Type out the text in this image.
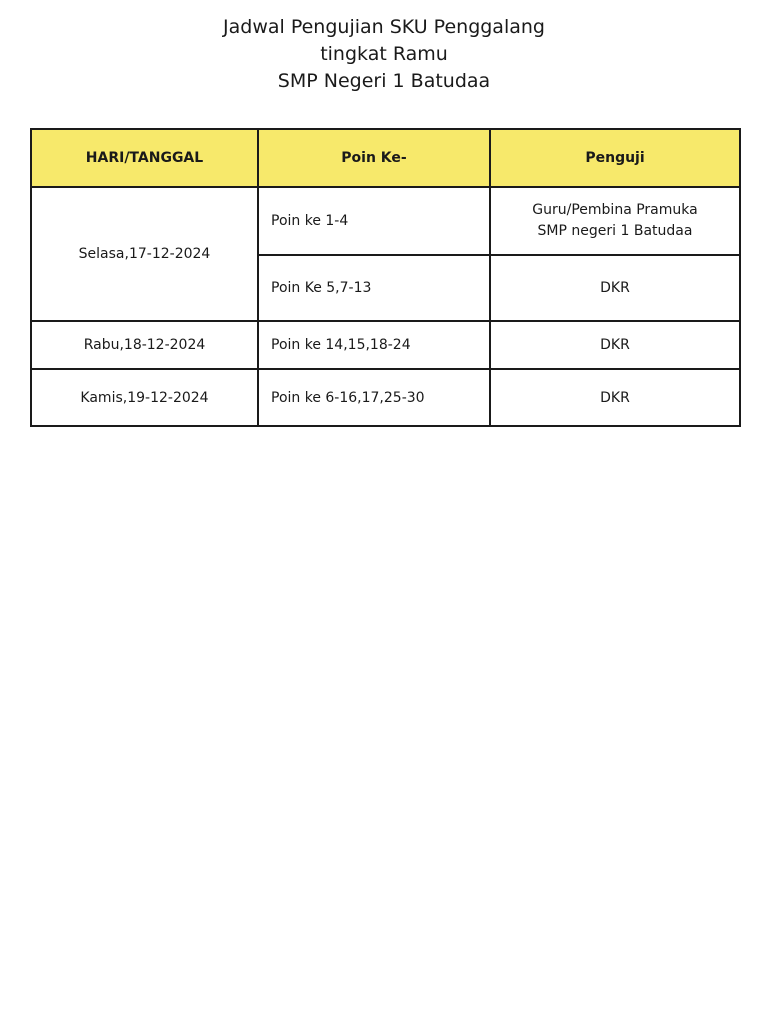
Jadwal Pengujian SKU Penggalang
tingkat Ramu
SMP Negeri 1 Batudaa
HARI/TANGGAL	Poin Ke-	Penguji
Selasa,17-12-2024	Poin ke 1-4	Guru/Pembina Pramuka
SMP negeri 1 Batudaa

	Poin Ke 5,7-13	DKR
Rabu,18-12-2024	Poin ke 14,15,18-24	DKR
Kamis,19-12-2024	Poin ke 6-16,17,25-30	DKR
